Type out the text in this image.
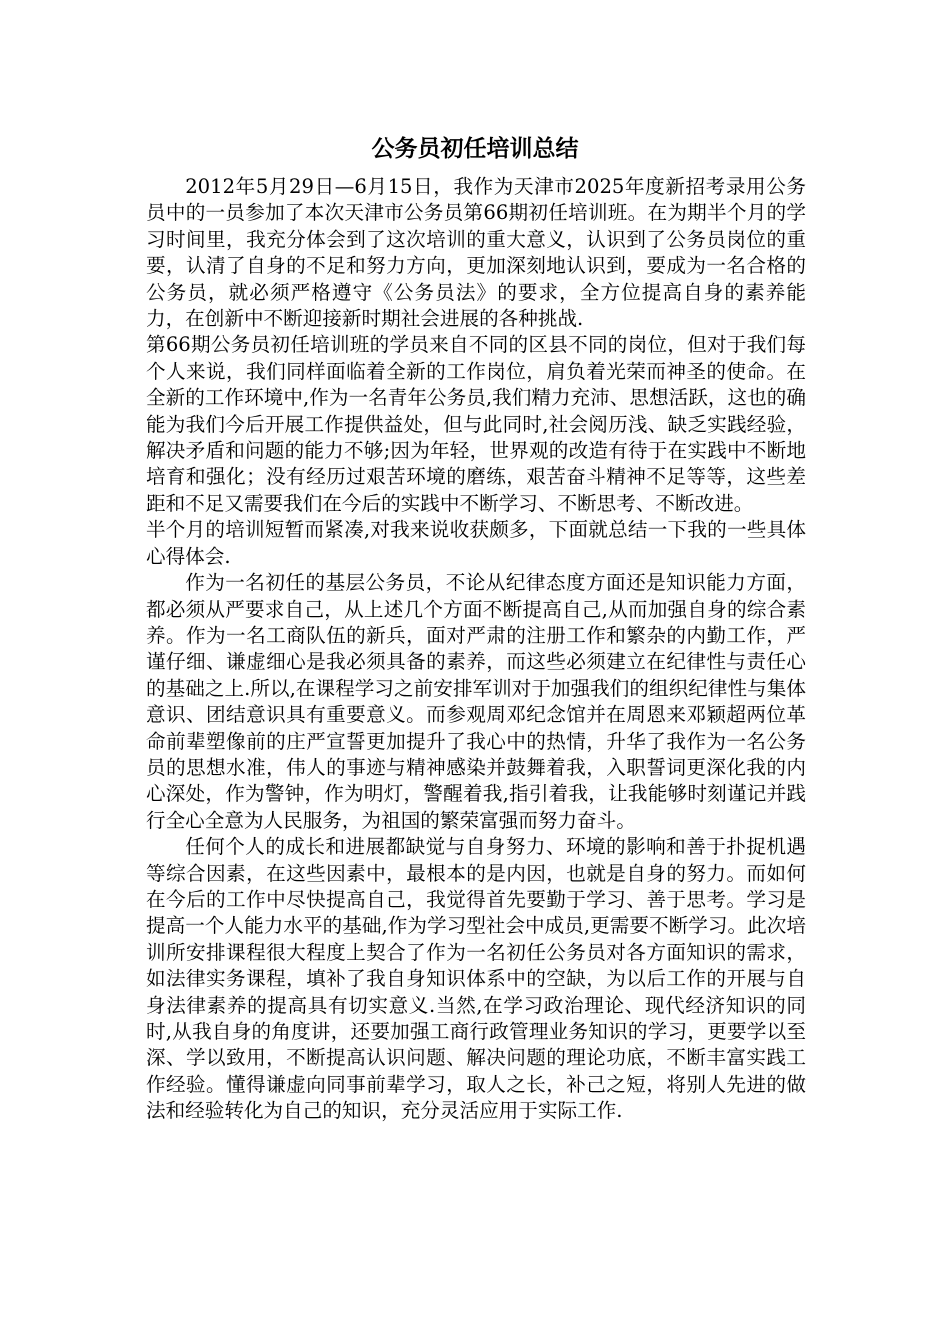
公务员初任培训总结

2012年5月29日—6月15日，我作为天津市2025年度新招考录用公务员中的一员参加了本次天津市公务员第66期初任培训班。在为期半个月的学习时间里，我充分体会到了这次培训的重大意义，认识到了公务员岗位的重要，认清了自身的不足和努力方向，更加深刻地认识到，要成为一名合格的公务员，就必须严格遵守《公务员法》的要求，全方位提高自身的素养能力，在创新中不断迎接新时期社会进展的各种挑战.

第66期公务员初任培训班的学员来自不同的区县不同的岗位，但对于我们每个人来说，我们同样面临着全新的工作岗位，肩负着光荣而神圣的使命。在全新的工作环境中,作为一名青年公务员,我们精力充沛、思想活跃，这也的确能为我们今后开展工作提供益处，但与此同时,社会阅历浅、缺乏实践经验，解决矛盾和问题的能力不够;因为年轻，世界观的改造有待于在实践中不断地培育和强化；没有经历过艰苦环境的磨练，艰苦奋斗精神不足等等，这些差距和不足又需要我们在今后的实践中不断学习、不断思考、不断改进。

半个月的培训短暂而紧凑,对我来说收获颇多，下面就总结一下我的一些具体心得体会.

作为一名初任的基层公务员，不论从纪律态度方面还是知识能力方面，都必须从严要求自己，从上述几个方面不断提高自己,从而加强自身的综合素养。作为一名工商队伍的新兵，面对严肃的注册工作和繁杂的内勤工作，严谨仔细、谦虚细心是我必须具备的素养，而这些必须建立在纪律性与责任心的基础之上.所以,在课程学习之前安排军训对于加强我们的组织纪律性与集体意识、团结意识具有重要意义。而参观周邓纪念馆并在周恩来邓颖超两位革命前辈塑像前的庄严宣誓更加提升了我心中的热情，升华了我作为一名公务员的思想水准，伟人的事迹与精神感染并鼓舞着我，入职誓词更深化我的内心深处，作为警钟，作为明灯，警醒着我,指引着我，让我能够时刻谨记并践行全心全意为人民服务，为祖国的繁荣富强而努力奋斗。

任何个人的成长和进展都缺觉与自身努力、环境的影响和善于扑捉机遇等综合因素，在这些因素中，最根本的是内因，也就是自身的努力。而如何在今后的工作中尽快提高自己，我觉得首先要勤于学习、善于思考。学习是提高一个人能力水平的基础,作为学习型社会中成员,更需要不断学习。此次培训所安排课程很大程度上契合了作为一名初任公务员对各方面知识的需求，如法律实务课程，填补了我自身知识体系中的空缺，为以后工作的开展与自身法律素养的提高具有切实意义.当然,在学习政治理论、现代经济知识的同时,从我自身的角度讲，还要加强工商行政管理业务知识的学习，更要学以至深、学以致用，不断提高认识问题、解决问题的理论功底，不断丰富实践工作经验。懂得谦虚向同事前辈学习，取人之长，补己之短，将别人先进的做法和经验转化为自己的知识，充分灵活应用于实际工作.
